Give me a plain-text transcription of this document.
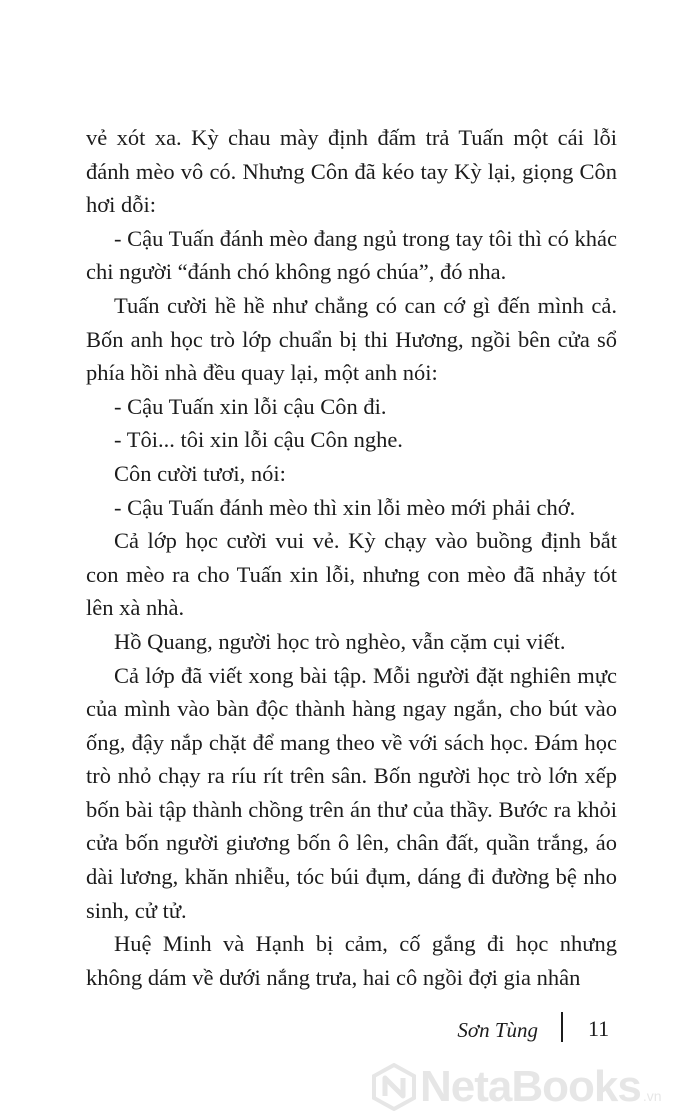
vẻ xót xa. Kỳ chau mày định đấm trả Tuấn một cái lỗi đánh mèo vô có. Nhưng Côn đã kéo tay Kỳ lại, giọng Côn hơi dỗi:

- Cậu Tuấn đánh mèo đang ngủ trong tay tôi thì có khác chi người “đánh chó không ngó chúa”, đó nha.

Tuấn cười hề hề như chẳng có can cớ gì đến mình cả. Bốn anh học trò lớp chuẩn bị thi Hương, ngồi bên cửa sổ phía hồi nhà đều quay lại, một anh nói:

- Cậu Tuấn xin lỗi cậu Côn đi.

- Tôi... tôi xin lỗi cậu Côn nghe.

Côn cười tươi, nói:

- Cậu Tuấn đánh mèo thì xin lỗi mèo mới phải chớ.

Cả lớp học cười vui vẻ. Kỳ chạy vào buồng định bắt con mèo ra cho Tuấn xin lỗi, nhưng con mèo đã nhảy tót lên xà nhà.

Hồ Quang, người học trò nghèo, vẫn cặm cụi viết.

Cả lớp đã viết xong bài tập. Mỗi người đặt nghiên mực của mình vào bàn độc thành hàng ngay ngắn, cho bút vào ống, đậy nắp chặt để mang theo về với sách học. Đám học trò nhỏ chạy ra ríu rít trên sân. Bốn người học trò lớn xếp bốn bài tập thành chồng trên án thư của thầy. Bước ra khỏi cửa bốn người giương bốn ô lên, chân đất, quần trắng, áo dài lương, khăn nhiễu, tóc búi đụm, dáng đi đường bệ nho sinh, cử tử.

Huệ Minh và Hạnh bị cảm, cố gắng đi học nhưng không dám về dưới nắng trưa, hai cô ngồi đợi gia nhân

Sơn Tùng 11
NetaBooks .vn
